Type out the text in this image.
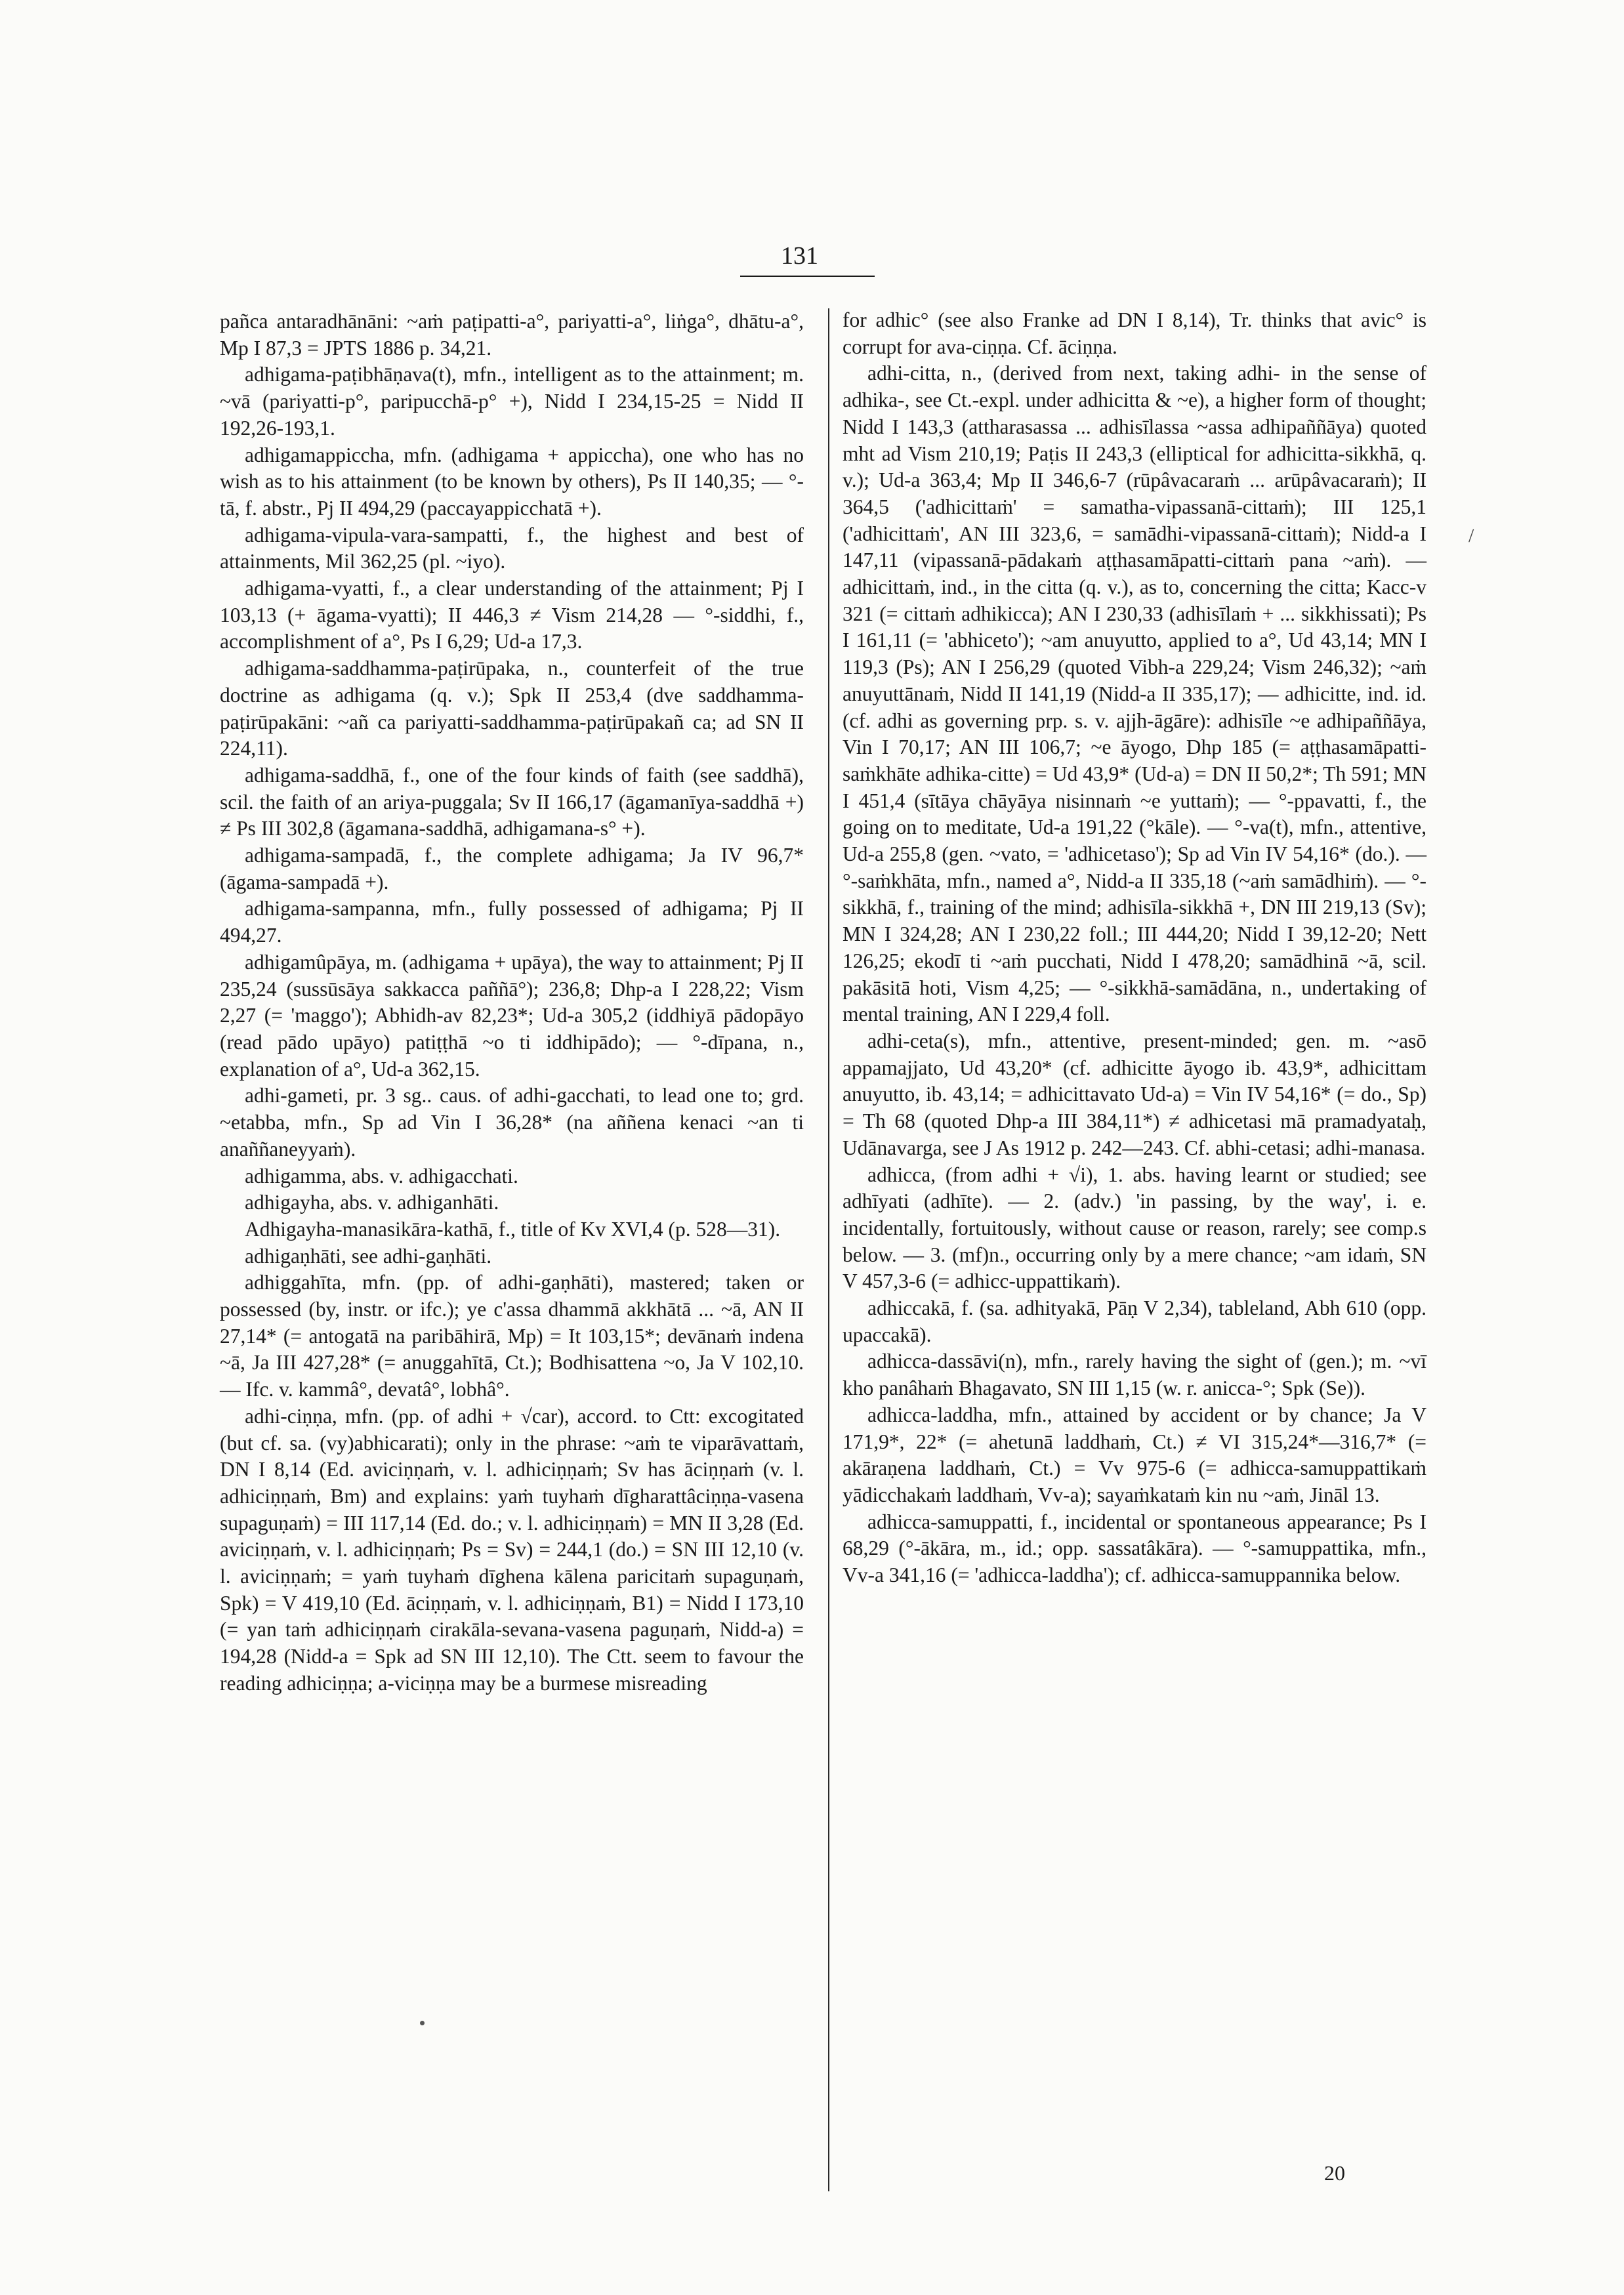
131

pañca antaradhānāni: ~aṁ paṭipatti-a°, pariyatti-a°, liṅga°, dhātu-a°, Mp I 87,3 = JPTS 1886 p. 34,21.

adhigama-paṭibhāṇava(t), mfn., intelligent as to the attainment; m. ~vā (pariyatti-p°, paripucchā-p° +), Nidd I 234,15-25 = Nidd II 192,26-193,1.

adhigamappiccha, mfn. (adhigama + appiccha), one who has no wish as to his attainment (to be known by others), Ps II 140,35; — °-tā, f. abstr., Pj II 494,29 (paccayappicchatā +).

adhigama-vipula-vara-sampatti, f., the highest and best of attainments, Mil 362,25 (pl. ~iyo).

adhigama-vyatti, f., a clear understanding of the attainment; Pj I 103,13 (+ āgama-vyatti); II 446,3 ≠ Vism 214,28 — °-siddhi, f., accomplishment of a°, Ps I 6,29; Ud-a 17,3.

adhigama-saddhamma-paṭirūpaka, n., counterfeit of the true doctrine as adhigama (q. v.); Spk II 253,4 (dve saddhamma-paṭirūpakāni: ~añ ca pariyatti-saddhamma-paṭirūpakañ ca; ad SN II 224,11).

adhigama-saddhā, f., one of the four kinds of faith (see saddhā), scil. the faith of an ariya-puggala; Sv II 166,17 (āgamanīya-saddhā +) ≠ Ps III 302,8 (āgamana-saddhā, adhigamana-s° +).

adhigama-sampadā, f., the complete adhigama; Ja IV 96,7* (āgama-sampadā +).

adhigama-sampanna, mfn., fully possessed of adhigama; Pj II 494,27.

adhigamûpāya, m. (adhigama + upāya), the way to attainment; Pj II 235,24 (sussūsāya sakkacca paññā°); 236,8; Dhp-a I 228,22; Vism 2,27 (= 'maggo'); Abhidh-av 82,23*; Ud-a 305,2 (iddhiyā pādopāyo (read pādo upāyo) patiṭṭhā ~o ti iddhipādo); — °-dīpana, n., explanation of a°, Ud-a 362,15.

adhi-gameti, pr. 3 sg.. caus. of adhi-gacchati, to lead one to; grd. ~etabba, mfn., Sp ad Vin I 36,28* (na aññena kenaci ~an ti anaññaneyyaṁ).

adhigamma, abs. v. adhigacchati.

adhigayha, abs. v. adhiganhāti.

Adhigayha-manasikāra-kathā, f., title of Kv XVI,4 (p. 528—31).

adhigaṇhāti, see adhi-gaṇhāti.

adhiggahīta, mfn. (pp. of adhi-gaṇhāti), mastered; taken or possessed (by, instr. or ifc.); ye c'assa dhammā akkhātā ... ~ā, AN II 27,14* (= antogatā na paribāhirā, Mp) = It 103,15*; devānaṁ indena ~ā, Ja III 427,28* (= anuggahītā, Ct.); Bodhisattena ~o, Ja V 102,10. — Ifc. v. kammâ°, devatâ°, lobhâ°.

adhi-ciṇṇa, mfn. (pp. of adhi + √car), accord. to Ctt: excogitated (but cf. sa. (vy)abhicarati); only in the phrase: ~aṁ te viparāvattaṁ, DN I 8,14 (Ed. aviciṇṇaṁ, v. l. adhiciṇṇaṁ; Sv has āciṇṇaṁ (v. l. adhiciṇṇaṁ, Bm) and explains: yaṁ tuyhaṁ dīgharattâciṇṇa-vasena supaguṇaṁ) = III 117,14 (Ed. do.; v. l. adhiciṇṇaṁ) = MN II 3,28 (Ed. aviciṇṇaṁ, v. l. adhiciṇṇaṁ; Ps = Sv) = 244,1 (do.) = SN III 12,10 (v. l. aviciṇṇaṁ; = yaṁ tuyhaṁ dīghena kālena paricitaṁ supaguṇaṁ, Spk) = V 419,10 (Ed. āciṇṇaṁ, v. l. adhiciṇṇaṁ, B1) = Nidd I 173,10 (= yan taṁ adhiciṇṇaṁ cirakāla-sevana-vasena paguṇaṁ, Nidd-a) = 194,28 (Nidd-a = Spk ad SN III 12,10). The Ctt. seem to favour the reading adhiciṇṇa; a-viciṇṇa may be a burmese misreading

for adhic° (see also Franke ad DN I 8,14), Tr. thinks that avic° is corrupt for ava-ciṇṇa. Cf. āciṇṇa.

adhi-citta, n., (derived from next, taking adhi- in the sense of adhika-, see Ct.-expl. under adhicitta & ~e), a higher form of thought; Nidd I 143,3 (attharasassa ... adhisīlassa ~assa adhipaññāya) quoted mht ad Vism 210,19; Paṭis II 243,3 (elliptical for adhicitta-sikkhā, q. v.); Ud-a 363,4; Mp II 346,6-7 (rūpâvacaraṁ ... arūpâvacaraṁ); II 364,5 ('adhicittaṁ' = samatha-vipassanā-cittaṁ); III 125,1 ('adhicittaṁ', AN III 323,6, = samādhi-vipassanā-cittaṁ); Nidd-a I 147,11 (vipassanā-pādakaṁ aṭṭhasamāpatti-cittaṁ pana ~aṁ). — adhicittaṁ, ind., in the citta (q. v.), as to, concerning the citta; Kacc-v 321 (= cittaṁ adhikicca); AN I 230,33 (adhisīlaṁ + ... sikkhissati); Ps I 161,11 (= 'abhiceto'); ~am anuyutto, applied to a°, Ud 43,14; MN I 119,3 (Ps); AN I 256,29 (quoted Vibh-a 229,24; Vism 246,32); ~aṁ anuyuttānaṁ, Nidd II 141,19 (Nidd-a II 335,17); — adhicitte, ind. id. (cf. adhi as governing prp. s. v. ajjh-āgāre): adhisīle ~e adhipaññāya, Vin I 70,17; AN III 106,7; ~e āyogo, Dhp 185 (= aṭṭhasamāpatti-saṁkhāte adhika-citte) = Ud 43,9* (Ud-a) = DN II 50,2*; Th 591; MN I 451,4 (sītāya chāyāya nisinnaṁ ~e yuttaṁ); — °-ppavatti, f., the going on to meditate, Ud-a 191,22 (°kāle). — °-va(t), mfn., attentive, Ud-a 255,8 (gen. ~vato, = 'adhicetaso'); Sp ad Vin IV 54,16* (do.). — °-saṁkhāta, mfn., named a°, Nidd-a II 335,18 (~aṁ samādhiṁ). — °-sikkhā, f., training of the mind; adhisīla-sikkhā +, DN III 219,13 (Sv); MN I 324,28; AN I 230,22 foll.; III 444,20; Nidd I 39,12-20; Nett 126,25; ekodī ti ~aṁ pucchati, Nidd I 478,20; samādhinā ~ā, scil. pakāsitā hoti, Vism 4,25; — °-sikkhā-samādāna, n., undertaking of mental training, AN I 229,4 foll.

adhi-ceta(s), mfn., attentive, present-minded; gen. m. ~asō appamajjato, Ud 43,20* (cf. adhicitte āyogo ib. 43,9*, adhicittam anuyutto, ib. 43,14; = adhicittavato Ud-a) = Vin IV 54,16* (= do., Sp) = Th 68 (quoted Dhp-a III 384,11*) ≠ adhicetasi mā pramadyataḥ, Udānavarga, see J As 1912 p. 242—243. Cf. abhi-cetasi; adhi-manasa.

adhicca, (from adhi + √i), 1. abs. having learnt or studied; see adhīyati (adhīte). — 2. (adv.) 'in passing, by the way', i. e. incidentally, fortuitously, without cause or reason, rarely; see comp.s below. — 3. (mf)n., occurring only by a mere chance; ~am idaṁ, SN V 457,3-6 (= adhicc-uppattikaṁ).

adhiccakā, f. (sa. adhityakā, Pāṇ V 2,34), tableland, Abh 610 (opp. upaccakā).

adhicca-dassāvi(n), mfn., rarely having the sight of (gen.); m. ~vī kho panâhaṁ Bhagavato, SN III 1,15 (w. r. anicca-°; Spk (Se)).

adhicca-laddha, mfn., attained by accident or by chance; Ja V 171,9*, 22* (= ahetunā laddhaṁ, Ct.) ≠ VI 315,24*—316,7* (= akāraṇena laddhaṁ, Ct.) = Vv 975-6 (= adhicca-samuppattikaṁ yādicchakaṁ laddhaṁ, Vv-a); sayaṁkataṁ kin nu ~aṁ, Jināl 13.

adhicca-samuppatti, f., incidental or spontaneous appearance; Ps I 68,29 (°-ākāra, m., id.; opp. sassatâkāra). — °-samuppattika, mfn., Vv-a 341,16 (= 'adhicca-laddha'); cf. adhicca-samuppannika below.

/
20
